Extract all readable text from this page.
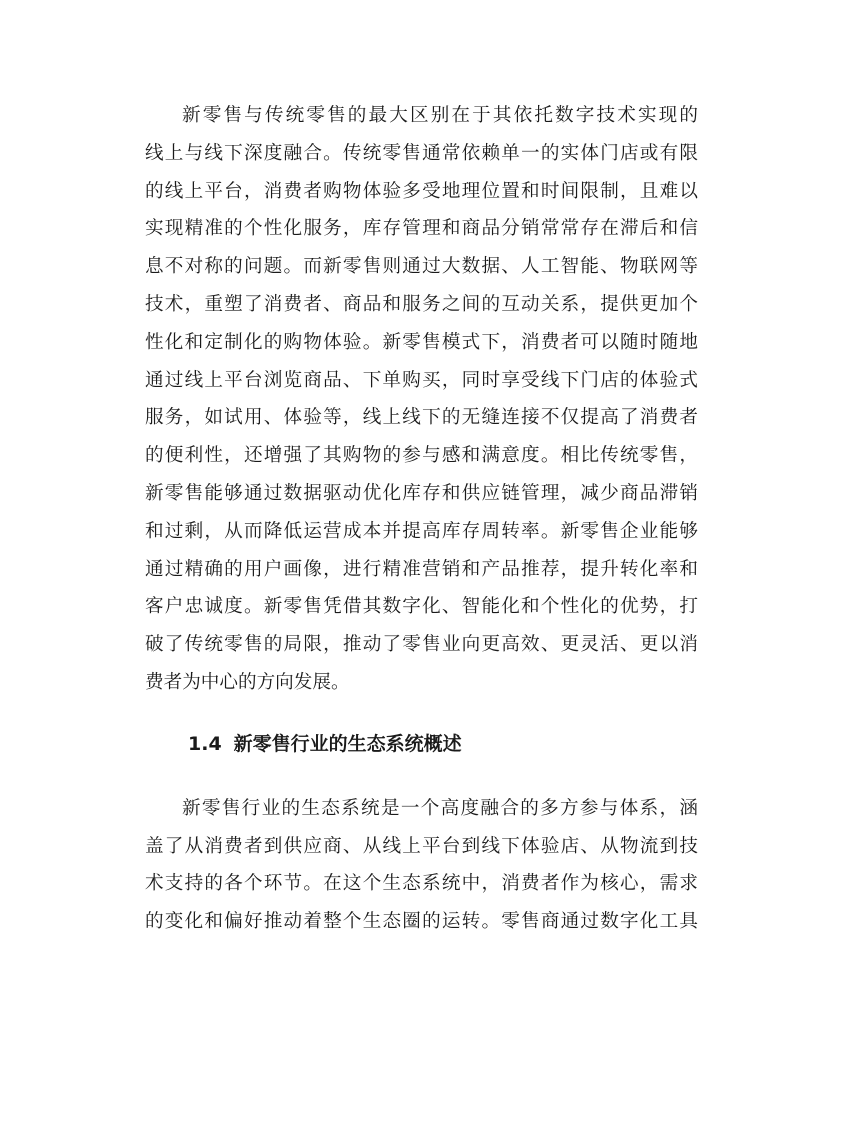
新零售与传统零售的最大区别在于其依托数字技术实现的
线上与线下深度融合。传统零售通常依赖单一的实体门店或有限
的线上平台，消费者购物体验多受地理位置和时间限制，且难以
实现精准的个性化服务，库存管理和商品分销常常存在滞后和信
息不对称的问题。而新零售则通过大数据、人工智能、物联网等
技术，重塑了消费者、商品和服务之间的互动关系，提供更加个
性化和定制化的购物体验。新零售模式下，消费者可以随时随地
通过线上平台浏览商品、下单购买，同时享受线下门店的体验式
服务，如试用、体验等，线上线下的无缝连接不仅提高了消费者
的便利性，还增强了其购物的参与感和满意度。相比传统零售，
新零售能够通过数据驱动优化库存和供应链管理，减少商品滞销
和过剩，从而降低运营成本并提高库存周转率。新零售企业能够
通过精确的用户画像，进行精准营销和产品推荐，提升转化率和
客户忠诚度。新零售凭借其数字化、智能化和个性化的优势，打
破了传统零售的局限，推动了零售业向更高效、更灵活、更以消
费者为中心的方向发展。
1.4 新零售行业的生态系统概述
新零售行业的生态系统是一个高度融合的多方参与体系，涵
盖了从消费者到供应商、从线上平台到线下体验店、从物流到技
术支持的各个环节。在这个生态系统中，消费者作为核心，需求
的变化和偏好推动着整个生态圈的运转。零售商通过数字化工具
